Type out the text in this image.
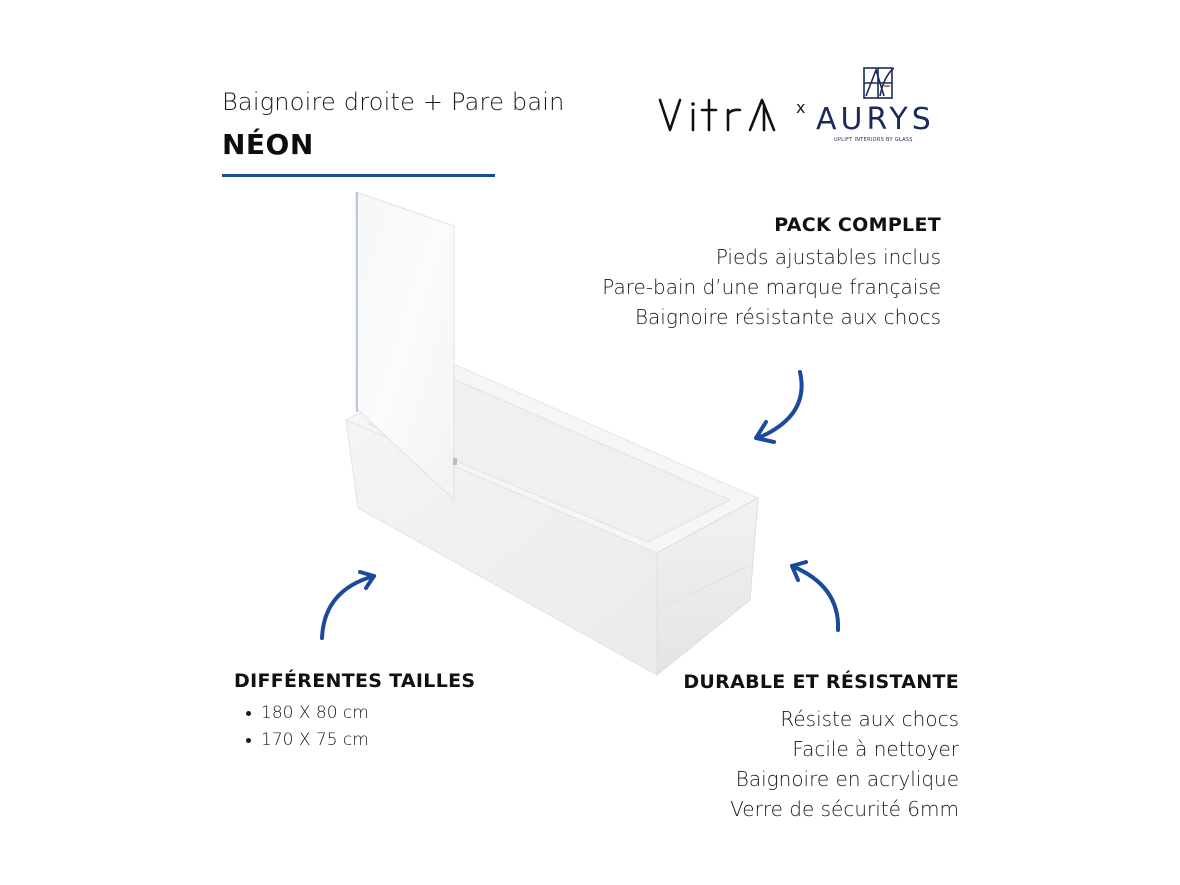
Baignoire droite + Pare bain
NÉON
x AURYS
UPLIFT INTERIORS BY GLASS
PACK COMPLET
Pieds ajustables inclus
Pare-bain d’une marque française
Baignoire résistante aux chocs
DIFFÉRENTES TAILLES
180 X 80 cm
170 X 75 cm
DURABLE ET RÉSISTANTE
Résiste aux chocs
Facile à nettoyer
Baignoire en acrylique
Verre de sécurité 6mm
